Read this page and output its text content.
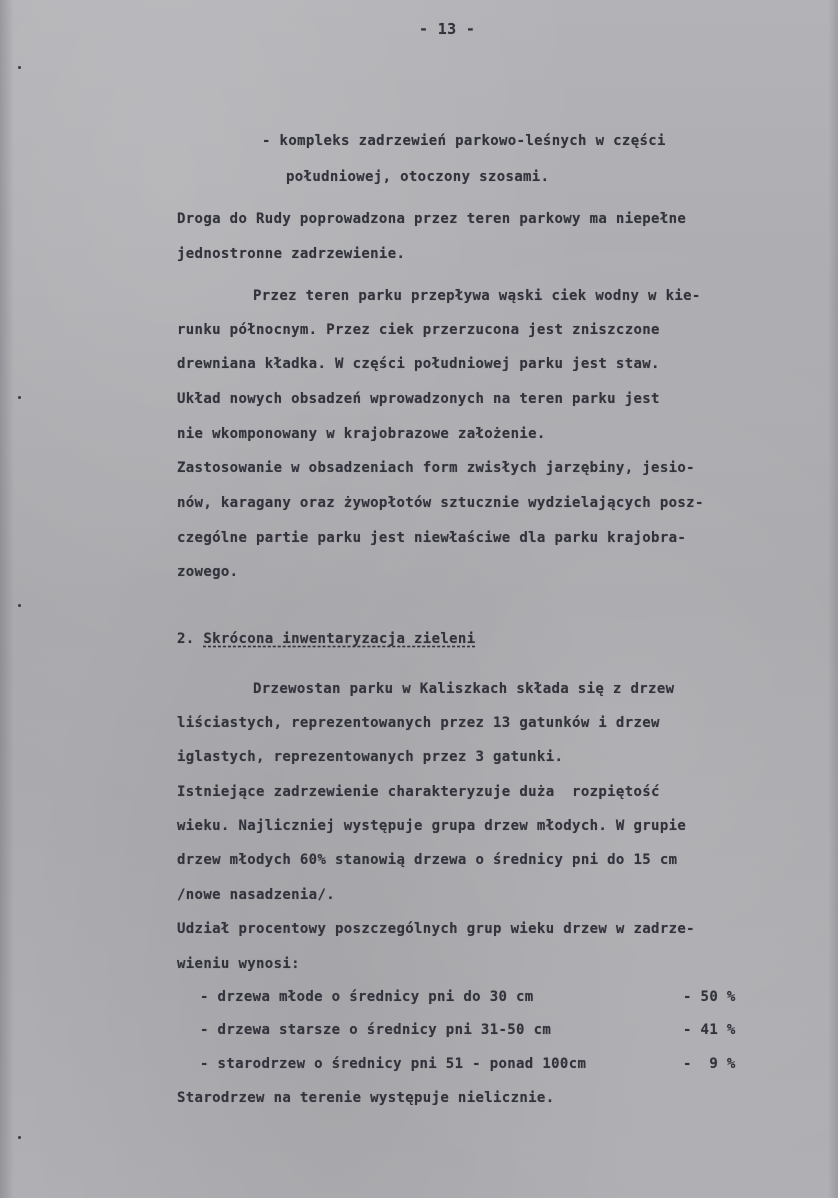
- 13 -
- kompleks zadrzewień parkowo-leśnych w części
południowej, otoczony szosami.
Droga do Rudy poprowadzona przez teren parkowy ma niepełne
jednostronne zadrzewienie.
Przez teren parku przepływa wąski ciek wodny w kie-
runku północnym. Przez ciek przerzucona jest zniszczone
drewniana kładka. W części południowej parku jest staw.
Układ nowych obsadzeń wprowadzonych na teren parku jest
nie wkomponowany w krajobrazowe założenie.
Zastosowanie w obsadzeniach form zwisłych jarzębiny, jesio-
nów, karagany oraz żywopłotów sztucznie wydzielających posz-
czególne partie parku jest niewłaściwe dla parku krajobra-
zowego.
2. Skrócona inwentaryzacja zieleni
Drzewostan parku w Kaliszkach składa się z drzew
liściastych, reprezentowanych przez 13 gatunków i drzew
iglastych, reprezentowanych przez 3 gatunki.
Istniejące zadrzewienie charakteryzuje duża  rozpiętość
wieku. Najliczniej występuje grupa drzew młodych. W grupie
drzew młodych 60% stanowią drzewa o średnicy pni do 15 cm
/nowe nasadzenia/.
Udział procentowy poszczególnych grup wieku drzew w zadrze-
wieniu wynosi:
- drzewa młode o średnicy pni do 30 cm	- 50 %
- drzewa starsze o średnicy pni 31-50 cm	- 41 %
- starodrzew o średnicy pni 51 - ponad 100cm	-  9 %
Starodrzew na terenie występuje nielicznie.
